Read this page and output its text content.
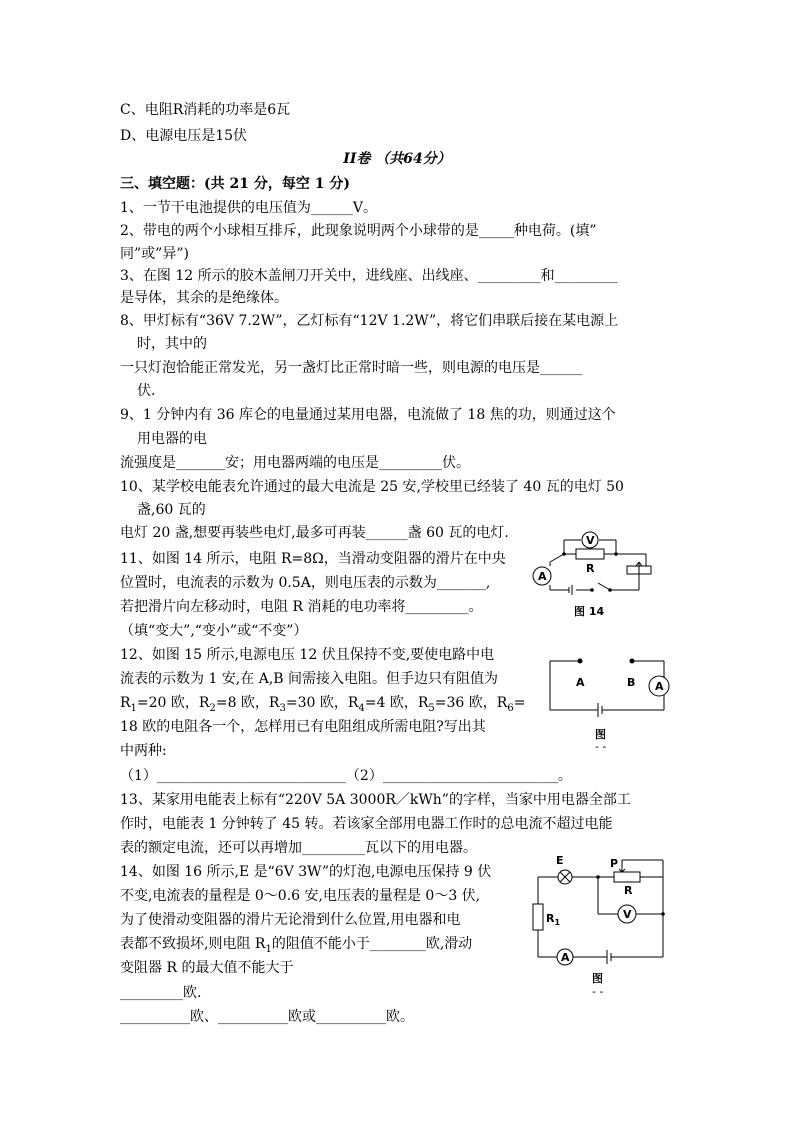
C、电阻R消耗的功率是6瓦
D、电源电压是15伏
II卷 （共64分）
三、填空题：(共 21 分，每空 1 分)
1、一节干电池提供的电压值为______V。
2、带电的两个小球相互排斥，此现象说明两个小球带的是_____种电荷。(填”
同”或”异”)
3、在图 12 所示的胶木盖闸刀开关中，进线座、出线座、_________和_________
是导体，其余的是绝缘体。
8、甲灯标有“36V 7.2W”，乙灯标有“12V 1.2W”，将它们串联后接在某电源上
时，其中的
一只灯泡恰能正常发光，另一盏灯比正常时暗一些，则电源的电压是______
伏.
9、1 分钟内有 36 库仑的电量通过某用电器，电流做了 18 焦的功，则通过这个
用电器的电
流强度是_______安；用电器两端的电压是_________伏。
10、某学校电能表允许通过的最大电流是 25 安,学校里已经装了 40 瓦的电灯 50
盏,60 瓦的
电灯 20 盏,想要再装些电灯,最多可再装______盏 60 瓦的电灯.
11、如图 14 所示，电阻 R=8Ω，当滑动变阻器的滑片在中央
位置时，电流表的示数为 0.5A，则电压表的示数为_______,
若把滑片向左移动时，电阻 R 消耗的电功率将_________。
（填“变大”,“变小”或“不变”）
12、如图 15 所示,电源电压 12 伏且保持不变,要使电路中电
流表的示数为 1 安,在 A,B 间需接入电阻。但手边只有阻值为
$R_1=20$ 欧，$R_2=8$ 欧，$R_3=30$ 欧，$R_4=4$ 欧，$R_5=36$ 欧，$R_6=$
18 欧的电阻各一个，怎样用已有电阻组成所需电阻?写出其
中两种:
（1）___________________________（2）_________________________。
13、某家用电能表上标有“220V 5A 3000R／kWh”的字样，当家中用电器全部工
作时，电能表 1 分钟转了 45 转。若该家全部用电器工作时的总电流不超过电能
表的额定电流，还可以再增加_________瓦以下的用电器。
14、如图 16 所示,E 是“6V 3W”的灯泡,电源电压保持 9 伏
不变,电流表的量程是 0～0.6 安,电压表的量程是 0～3 伏,
为了使滑动变阻器的滑片无论滑到什么位置,用电器和电
表都不致损坏,则电阻 $R_1$的阻值不能小于________欧,滑动
变阻器 R 的最大值不能大于
_________欧.
__________欧、__________欧或__________欧。
V
A
R
图 14
A	B A
图
- -
E	P
R
$R_1$
V
A
图
- -
